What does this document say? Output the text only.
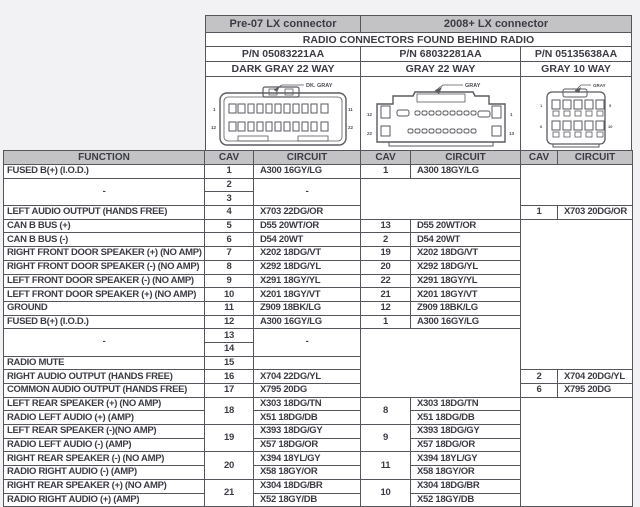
Pre-07 LX connector	2008+ LX connector	
RADIO CONNECTORS FOUND BEHIND RADIO		
P/N 05083221AA	P/N 68032281AA	P/N 05135638AA
DARK GRAY 22 WAY	GRAY 22 WAY	GRAY 10 WAY

DK. GRAY
1 11
12 22	GRAY
12 1
22 13	GRAY
1 5
6 10
FUNCTION	CAV	CIRCUIT	CAV	CIRCUIT	CAV	CIRCUIT
FUSED B(+) (I.O.D.)	1	A300 16GY/LG	1	A300 18GY/LG		
-	2	-				
	3					
LEFT AUDIO OUTPUT (HANDS FREE)	4	X703 22DG/OR			1	X703 20DG/OR
CAN B BUS (+)	5	D55 20WT/OR	13	D55 20WT/OR		
CAN B BUS (-)	6	D54 20WT	2	D54 20WT		
RIGHT FRONT DOOR SPEAKER (+) (NO AMP)	7	X202 18DG/VT	19	X202 18DG/VT		
RIGHT FRONT DOOR SPEAKER (-) (NO AMP)	8	X292 18DG/YL	20	X292 18DG/YL		
LEFT FRONT DOOR SPEAKER (-) (NO AMP)	9	X291 18GY/YL	22	X291 18GY/YL		
LEFT FRONT DOOR SPEAKER (+) (NO AMP)	10	X201 18GY/VT	21	X201 18GY/VT		
GROUND	11	Z909 18BK/LG	12	Z909 18BK/LG		
FUSED B(+) (I.O.D.)	12	A300 16GY/LG	1	A300 16GY/LG		
-	13	-				
	14					
RADIO MUTE	15					
RIGHT AUDIO OUTPUT (HANDS FREE)	16	X704 22DG/YL			2	X704 20DG/YL
COMMON AUDIO OUTPUT (HANDS FREE)	17	X795 20DG			6	X795 20DG
LEFT REAR SPEAKER (+) (NO AMP)	18	X303 18DG/TN	8	X303 18DG/TN		
RADIO LEFT AUDIO (+) (AMP)		X51 18DG/DB		X51 18DG/DB		
LEFT REAR SPEAKER (-)(NO AMP)	19	X393 18DG/GY	9	X393 18DG/GY		
RADIO LEFT AUDIO (-) (AMP)		X57 18DG/OR		X57 18DG/OR		
RIGHT REAR SPEAKER (-) (NO AMP)	20	X394 18YL/GY	11	X394 18YL/GY		
RADIO RIGHT AUDIO (-) (AMP)		X58 18GY/OR		X58 18GY/OR		
RIGHT REAR SPEAKER (+) (NO AMP)	21	X304 18DG/BR	10	X304 18DG/BR		
RADIO RIGHT AUDIO (+) (AMP)		X52 18GY/DB		X52 18GY/DB		
